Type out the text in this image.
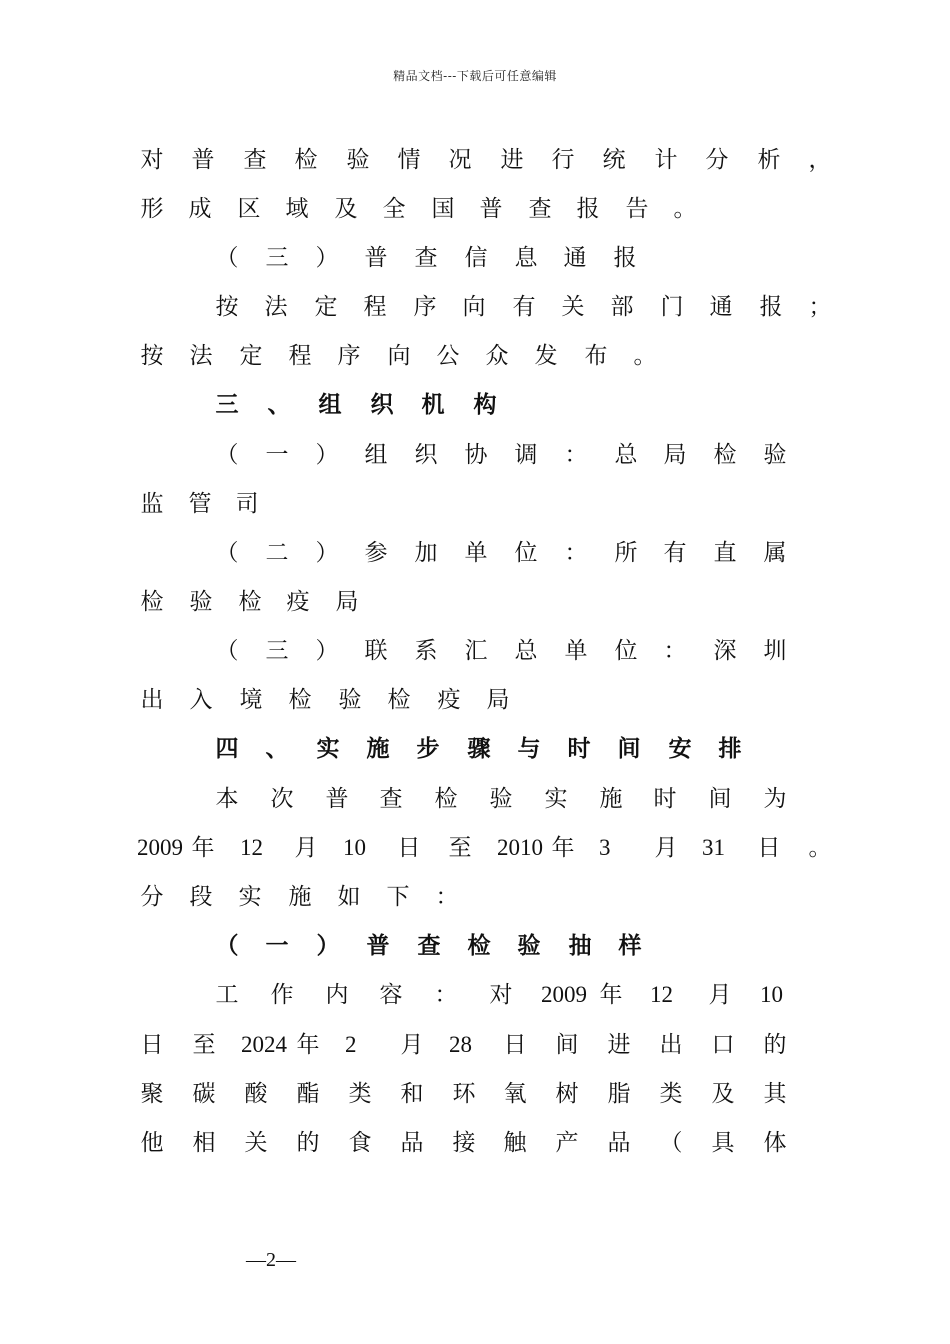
精品文档---下载后可任意编辑
对 普 查 检 验 情 况 进 行 统 计 分 析 ，
形 成 区 域 及 全 国 普 查 报 告 。
（ 三 ） 普 查 信 息 通 报
按 法 定 程 序 向 有 关 部 门 通 报 ；
按 法 定 程 序 向 公 众 发 布 。
三 、 组 织 机 构
（ 一 ） 组 织 协 调 ： 总 局 检 验
监 管 司
（ 二 ） 参 加 单 位 ： 所 有 直 属
检 验 检 疫 局
（ 三 ） 联 系 汇 总 单 位 ： 深 圳
出 入 境 检 验 检 疫 局
四 、 实 施 步 骤 与 时 间 安 排
本 次 普 查 检 验 实 施 时 间 为
2009 年 12 月 10 日 至 2010 年 3 月 31 日 。
分 段 实 施 如 下 ：
（ 一 ） 普 查 检 验 抽 样
工 作 内 容 ： 对 2009 年 12 月 10
日 至 2024 年 2 月 28 日 间 进 出 口 的
聚 碳 酸 酯 类 和 环 氧 树 脂 类 及 其
他 相 关 的 食 品 接 触 产 品 （ 具 体
—2—
